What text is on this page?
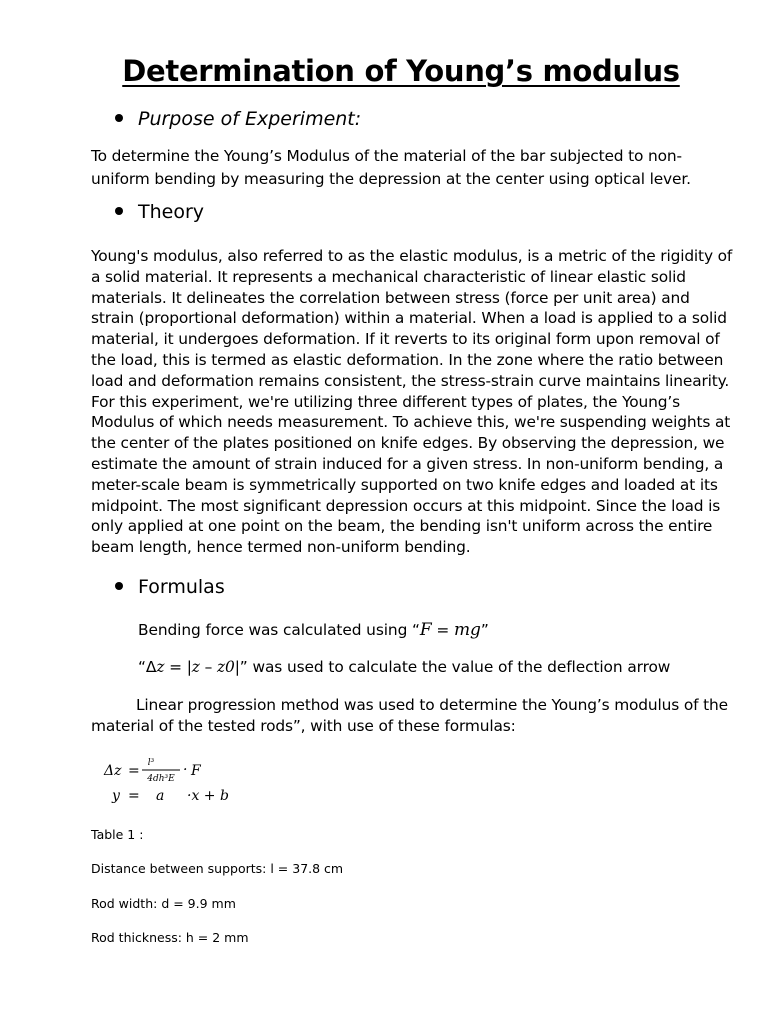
Determination of Young’s modulus
Purpose of Experiment:
To determine the Young’s Modulus of the material of the bar subjected to non-
uniform bending by measuring the depression at the center using optical lever.
Theory
Young's modulus, also referred to as the elastic modulus, is a metric of the rigidity of
a solid material. It represents a mechanical characteristic of linear elastic solid
materials. It delineates the correlation between stress (force per unit area) and
strain (proportional deformation) within a material. When a load is applied to a solid
material, it undergoes deformation. If it reverts to its original form upon removal of
the load, this is termed as elastic deformation. In the zone where the ratio between
load and deformation remains consistent, the stress-strain curve maintains linearity.
For this experiment, we're utilizing three different types of plates, the Young’s
Modulus of which needs measurement. To achieve this, we're suspending weights at
the center of the plates positioned on knife edges. By observing the depression, we
estimate the amount of strain induced for a given stress. In non-uniform bending, a
meter-scale beam is symmetrically supported on two knife edges and loaded at its
midpoint. The most significant depression occurs at this midpoint. Since the load is
only applied at one point on the beam, the bending isn't uniform across the entire
beam length, hence termed non-uniform bending.
Formulas
Bending force was calculated using “F = mg”
“Δz = |z – z0|” was used to calculate the value of the deflection arrow
Linear progression method was used to determine the Young’s modulus of the
material of the tested rods”, with use of these formulas:
Δz = l³
4dh³E
· F
y = a ·x + b
Table 1 :
Distance between supports: l = 37.8 cm
Rod width: d = 9.9 mm
Rod thickness: h = 2 mm
